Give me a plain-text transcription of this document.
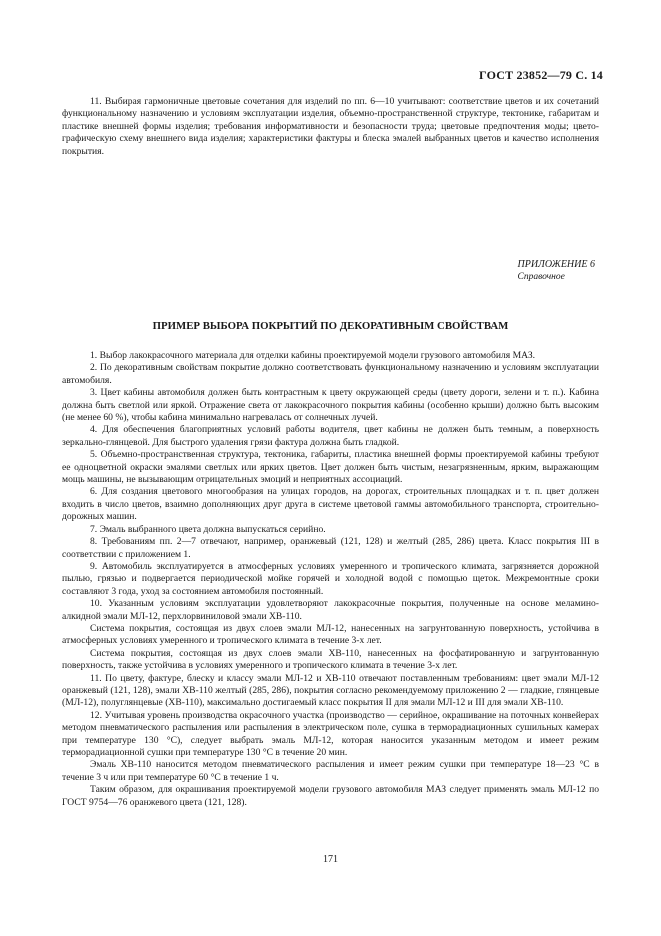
ГОСТ 23852—79 С. 14

11. Выбирая гармоничные цветовые сочетания для изделий по пп. 6—10 учитывают: соответствие цветов и их сочетаний функциональному назначению и условиям эксплуатации изделия, объемно-пространственной структуре, тектонике, габаритам и пластике внешней формы изделия; требования информативности и безопасности труда; цветовые предпочтения моды; цвето-графическую схему внешнего вида изделия; характеристики фактуры и блеска эмалей выбранных цветов и качество исполнения покрытия.

ПРИЛОЖЕНИЕ 6
Справочное
ПРИМЕР ВЫБОРА ПОКРЫТИЙ ПО ДЕКОРАТИВНЫМ СВОЙСТВАМ

1. Выбор лакокрасочного материала для отделки кабины проектируемой модели грузового автомобиля МАЗ.

2. По декоративным свойствам покрытие должно соответствовать функциональному назначению и условиям эксплуатации автомобиля.

3. Цвет кабины автомобиля должен быть контрастным к цвету окружающей среды (цвету дороги, зелени и т. п.). Кабина должна быть светлой или яркой. Отражение света от лакокрасочного покрытия кабины (особенно крыши) должно быть высоким (не менее 60 %), чтобы кабина минимально нагревалась от солнечных лучей.

4. Для обеспечения благоприятных условий работы водителя, цвет кабины не должен быть темным, а поверхность зеркально-глянцевой. Для быстрого удаления грязи фактура должна быть гладкой.

5. Объемно-пространственная структура, тектоника, габариты, пластика внешней формы проектируемой кабины требуют ее одноцветной окраски эмалями светлых или ярких цветов. Цвет должен быть чистым, незагрязненным, ярким, выражающим мощь машины, не вызывающим отрицательных эмоций и неприятных ассоциаций.

6. Для создания цветового многообразия на улицах городов, на дорогах, строительных площадках и т. п. цвет должен входить в число цветов, взаимно дополняющих друг друга в системе цветовой гаммы автомобильного транспорта, строительно-дорожных машин.

7. Эмаль выбранного цвета должна выпускаться серийно.

8. Требованиям пп. 2—7 отвечают, например, оранжевый (121, 128) и желтый (285, 286) цвета. Класс покрытия III в соответствии с приложением 1.

9. Автомобиль эксплуатируется в атмосферных условиях умеренного и тропического климата, загрязняется дорожной пылью, грязью и подвергается периодической мойке горячей и холодной водой с помощью щеток. Межремонтные сроки составляют 3 года, уход за состоянием автомобиля постоянный.

10. Указанным условиям эксплуатации удовлетворяют лакокрасочные покрытия, полученные на основе меламино-алкидной эмали МЛ-12, перхлорвиниловой эмали ХВ-110.

Система покрытия, состоящая из двух слоев эмали МЛ-12, нанесенных на загрунтованную поверхность, устойчива в атмосферных условиях умеренного и тропического климата в течение 3-х лет.

Система покрытия, состоящая из двух слоев эмали ХВ-110, нанесенных на фосфатированную и загрунтованную поверхность, также устойчива в условиях умеренного и тропического климата в течение 3-х лет.

11. По цвету, фактуре, блеску и классу эмали МЛ-12 и ХВ-110 отвечают поставленным требованиям: цвет эмали МЛ-12 оранжевый (121, 128), эмали ХВ-110 желтый (285, 286), покрытия согласно рекомендуемому приложению 2 — гладкие, глянцевые (МЛ-12), полуглянцевые (ХВ-110), максимально достигаемый класс покрытия II для эмали МЛ-12 и III для эмали ХВ-110.

12. Учитывая уровень производства окрасочного участка (производство — серийное, окрашивание на поточных конвейерах методом пневматического распыления или распыления в электрическом поле, сушка в терморадиационных сушильных камерах при температуре 130 °С), следует выбрать эмаль МЛ-12, которая наносится указанным методом и имеет режим терморадиационной сушки при температуре 130 °С в течение 20 мин.

Эмаль ХВ-110 наносится методом пневматического распыления и имеет режим сушки при температуре 18—23 °С в течение 3 ч или при температуре 60 °С в течение 1 ч.

Таким образом, для окрашивания проектируемой модели грузового автомобиля МАЗ следует применять эмаль МЛ-12 по ГОСТ 9754—76 оранжевого цвета (121, 128).

171
